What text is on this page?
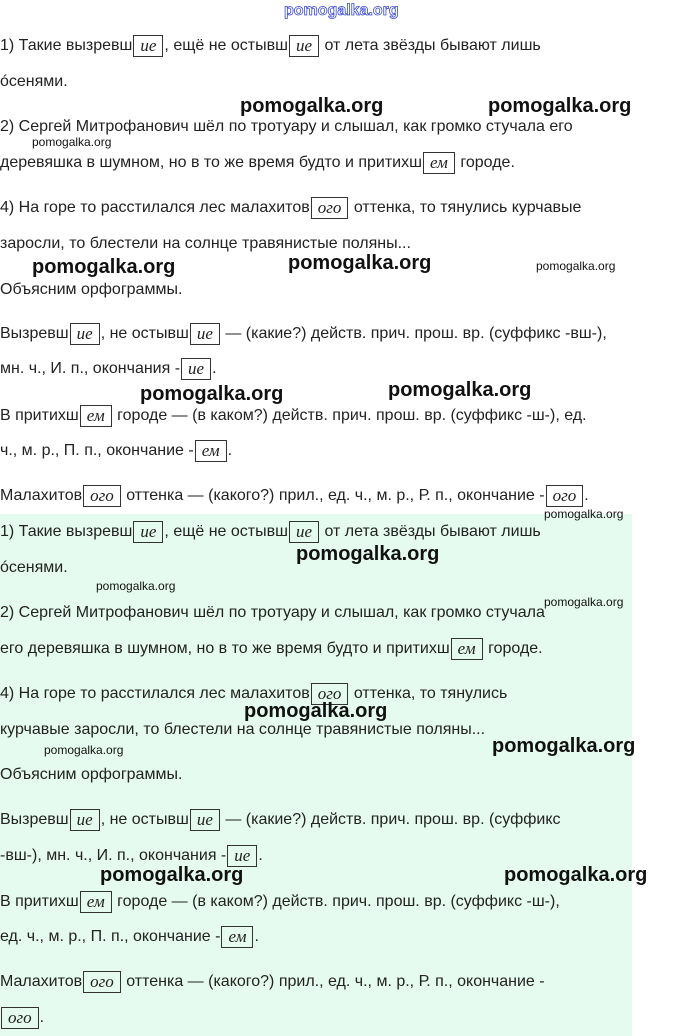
pomogalka.org
1) Такие вызревш ие , ещё не остывш ие от лета звёзды бывают лишь
óсенями.
2) Сергей Митрофанович шёл по тротуару и слышал, как громко стучала его
деревяшка в шумном, но в то же время будто и притихш ем городе.
4) На горе то расстилался лес малахитов ого оттенка, то тянулись курчавые
заросли, то блестели на солнце травянистые поляны...
Объясним орфограммы.
Вызревш ие , не остывш ие — (какие?) действ. прич. прош. вр. (суффикс -вш-),
мн. ч., И. п., окончания - ие .
В притихш ем городе — (в каком?) действ. прич. прош. вр. (суффикс -ш-), ед.
ч., м. р., П. п., окончание - ем .
Малахитов ого оттенка — (какого?) прил., ед. ч., м. р., Р. п., окончание - ого .
1) Такие вызревш ие , ещё не остывш ие от лета звёзды бывают лишь
óсенями.
2) Сергей Митрофанович шёл по тротуару и слышал, как громко стучала
его деревяшка в шумном, но в то же время будто и притихш ем городе.
4) На горе то расстилался лес малахитов ого оттенка, то тянулись
курчавые заросли, то блестели на солнце травянистые поляны...
Объясним орфограммы.
Вызревш ие , не остывш ие — (какие?) действ. прич. прош. вр. (суффикс
-вш-), мн. ч., И. п., окончания - ие .
В притихш ем городе — (в каком?) действ. прич. прош. вр. (суффикс -ш-),
ед. ч., м. р., П. п., окончание - ем .
Малахитов ого оттенка — (какого?) прил., ед. ч., м. р., Р. п., окончание -
ого .
pomogalka.org	pomogalka.org
pomogalka.org
pomogalka.org	pomogalka.org	pomogalka.org
pomogalka.org	pomogalka.org
pomogalka.org
pomogalka.org
pomogalka.org
pomogalka.org
pomogalka.org
pomogalka.org	pomogalka.org
pomogalka.org	pomogalka.org
